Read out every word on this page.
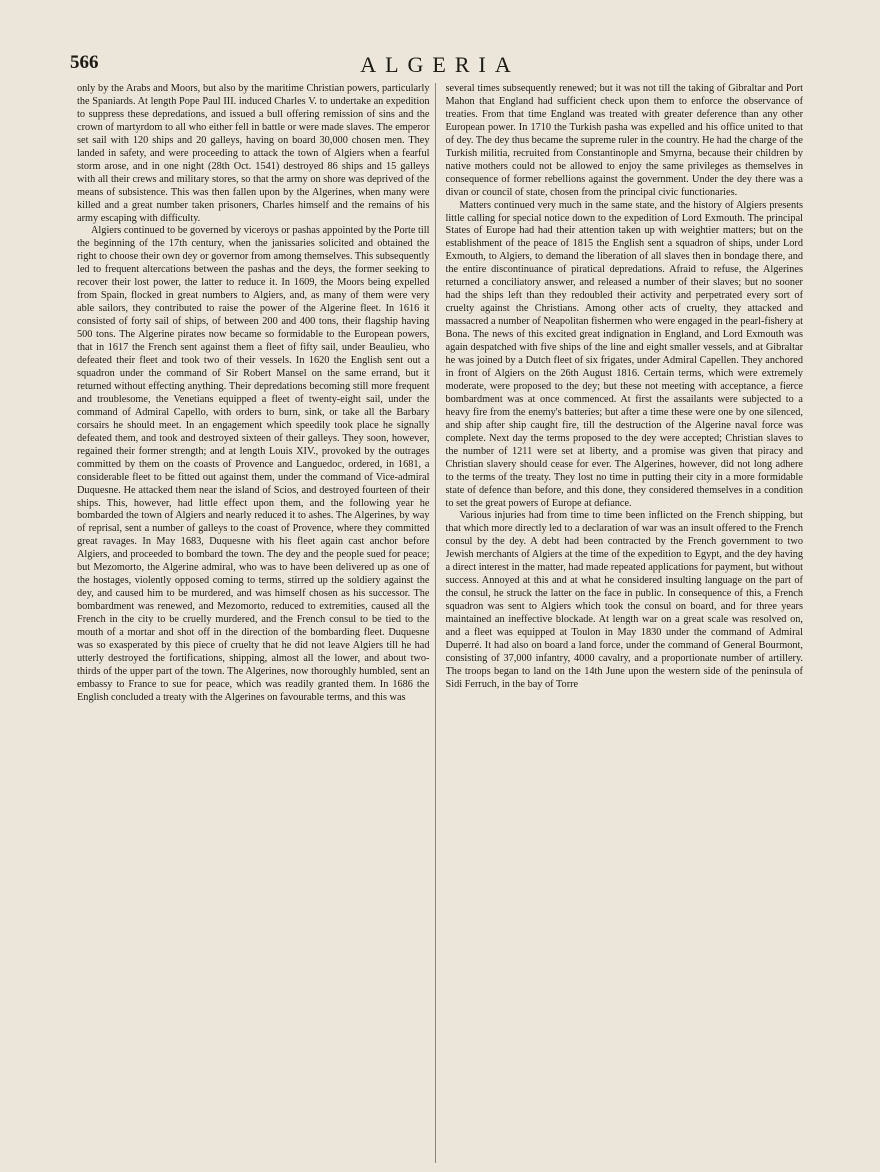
566	ALGERIA

only by the Arabs and Moors, but also by the maritime Christian powers, particularly the Spaniards. At length Pope Paul III. induced Charles V. to undertake an expedition to suppress these depredations, and issued a bull offering remission of sins and the crown of martyrdom to all who either fell in battle or were made slaves. The emperor set sail with 120 ships and 20 galleys, having on board 30,000 chosen men. They landed in safety, and were proceeding to attack the town of Algiers when a fearful storm arose, and in one night (28th Oct. 1541) destroyed 86 ships and 15 galleys with all their crews and military stores, so that the army on shore was deprived of the means of subsistence. This was then fallen upon by the Algerines, when many were killed and a great number taken prisoners, Charles himself and the remains of his army escaping with difficulty.

Algiers continued to be governed by viceroys or pashas appointed by the Porte till the beginning of the 17th century, when the janissaries solicited and obtained the right to choose their own dey or governor from among themselves. This subsequently led to frequent altercations between the pashas and the deys, the former seeking to recover their lost power, the latter to reduce it. In 1609, the Moors being expelled from Spain, flocked in great numbers to Algiers, and, as many of them were very able sailors, they contributed to raise the power of the Algerine fleet. In 1616 it consisted of forty sail of ships, of between 200 and 400 tons, their flagship having 500 tons. The Algerine pirates now became so formidable to the European powers, that in 1617 the French sent against them a fleet of fifty sail, under Beaulieu, who defeated their fleet and took two of their vessels. In 1620 the English sent out a squadron under the command of Sir Robert Mansel on the same errand, but it returned without effecting anything. Their depredations becoming still more frequent and troublesome, the Venetians equipped a fleet of twenty-eight sail, under the command of Admiral Capello, with orders to burn, sink, or take all the Barbary corsairs he should meet. In an engagement which speedily took place he signally defeated them, and took and destroyed sixteen of their galleys. They soon, however, regained their former strength; and at length Louis XIV., provoked by the outrages committed by them on the coasts of Provence and Languedoc, ordered, in 1681, a considerable fleet to be fitted out against them, under the command of Vice-admiral Duquesne. He attacked them near the island of Scios, and destroyed fourteen of their ships. This, however, had little effect upon them, and the following year he bombarded the town of Algiers and nearly reduced it to ashes. The Algerines, by way of reprisal, sent a number of galleys to the coast of Provence, where they committed great ravages. In May 1683, Duquesne with his fleet again cast anchor before Algiers, and proceeded to bombard the town. The dey and the people sued for peace; but Mezomorto, the Algerine admiral, who was to have been delivered up as one of the hostages, violently opposed coming to terms, stirred up the soldiery against the dey, and caused him to be murdered, and was himself chosen as his successor. The bombardment was renewed, and Mezomorto, reduced to extremities, caused all the French in the city to be cruelly murdered, and the French consul to be tied to the mouth of a mortar and shot off in the direction of the bombarding fleet. Duquesne was so exasperated by this piece of cruelty that he did not leave Algiers till he had utterly destroyed the fortifications, shipping, almost all the lower, and about two-thirds of the upper part of the town. The Algerines, now thoroughly humbled, sent an embassy to France to sue for peace, which was readily granted them. In 1686 the English concluded a treaty with the Algerines on favourable terms, and this was

several times subsequently renewed; but it was not till the taking of Gibraltar and Port Mahon that England had sufficient check upon them to enforce the observance of treaties. From that time England was treated with greater deference than any other European power. In 1710 the Turkish pasha was expelled and his office united to that of dey. The dey thus became the supreme ruler in the country. He had the charge of the Turkish militia, recruited from Constantinople and Smyrna, because their children by native mothers could not be allowed to enjoy the same privileges as themselves in consequence of former rebellions against the government. Under the dey there was a divan or council of state, chosen from the principal civic functionaries.

Matters continued very much in the same state, and the history of Algiers presents little calling for special notice down to the expedition of Lord Exmouth. The principal States of Europe had had their attention taken up with weightier matters; but on the establishment of the peace of 1815 the English sent a squadron of ships, under Lord Exmouth, to Algiers, to demand the liberation of all slaves then in bondage there, and the entire discontinuance of piratical depredations. Afraid to refuse, the Algerines returned a conciliatory answer, and released a number of their slaves; but no sooner had the ships left than they redoubled their activity and perpetrated every sort of cruelty against the Christians. Among other acts of cruelty, they attacked and massacred a number of Neapolitan fishermen who were engaged in the pearl-fishery at Bona. The news of this excited great indignation in England, and Lord Exmouth was again despatched with five ships of the line and eight smaller vessels, and at Gibraltar he was joined by a Dutch fleet of six frigates, under Admiral Capellen. They anchored in front of Algiers on the 26th August 1816. Certain terms, which were extremely moderate, were proposed to the dey; but these not meeting with acceptance, a fierce bombardment was at once commenced. At first the assailants were subjected to a heavy fire from the enemy's batteries; but after a time these were one by one silenced, and ship after ship caught fire, till the destruction of the Algerine naval force was complete. Next day the terms proposed to the dey were accepted; Christian slaves to the number of 1211 were set at liberty, and a promise was given that piracy and Christian slavery should cease for ever. The Algerines, however, did not long adhere to the terms of the treaty. They lost no time in putting their city in a more formidable state of defence than before, and this done, they considered themselves in a condition to set the great powers of Europe at defiance.

Various injuries had from time to time been inflicted on the French shipping, but that which more directly led to a declaration of war was an insult offered to the French consul by the dey. A debt had been contracted by the French government to two Jewish merchants of Algiers at the time of the expedition to Egypt, and the dey having a direct interest in the matter, had made repeated applications for payment, but without success. Annoyed at this and at what he considered insulting language on the part of the consul, he struck the latter on the face in public. In consequence of this, a French squadron was sent to Algiers which took the consul on board, and for three years maintained an ineffective blockade. At length war on a great scale was resolved on, and a fleet was equipped at Toulon in May 1830 under the command of Admiral Duperré. It had also on board a land force, under the command of General Bourmont, consisting of 37,000 infantry, 4000 cavalry, and a proportionate number of artillery. The troops began to land on the 14th June upon the western side of the peninsula of Sidi Ferruch, in the bay of Torre
